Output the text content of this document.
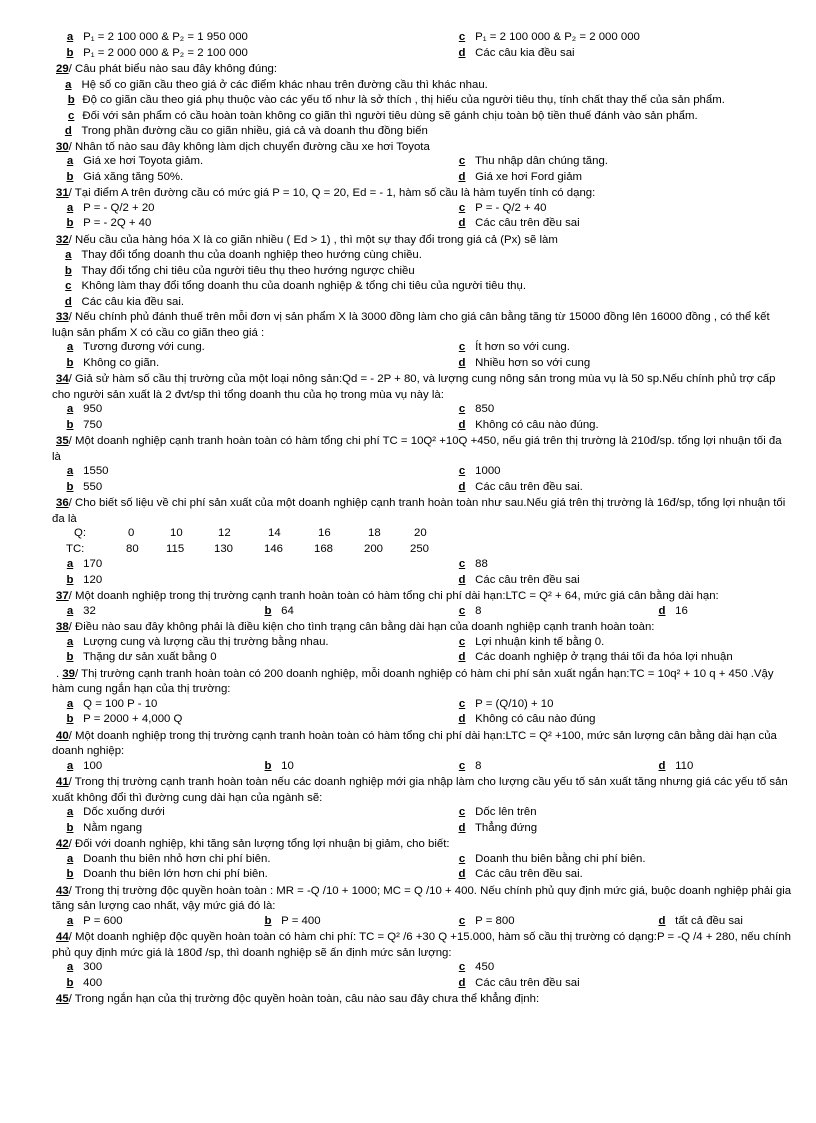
a P₁ = 2 100 000 & P₂ = 1 950 000	c P₁ = 2 100 000 & P₂ = 2 000 000
b P₁ = 2 000 000 & P₂ = 2 100 000	d Các câu kia đều sai

29/ Câu phát biểu nào sau đây không đúng:

a Hệ số co giãn cầu theo giá ở các điểm khác nhau trên đường cầu thì khác nhau.

b Độ co giãn cầu theo giá phụ thuộc vào các yếu tố như là sở thích , thị hiếu của người tiêu thụ, tính chất thay thế của sản phẩm.

c Đối với sản phẩm có cầu hoàn toàn không co giãn thì người tiêu dùng sẽ gánh chịu toàn bộ tiền thuế đánh vào sản phẩm.

d Trong phần đường cầu co giãn nhiều, giá cả và doanh thu đồng biến

30/ Nhân tố nào sau đây không làm dịch chuyển đường cầu xe hơi Toyota

a Giá xe hơi Toyota giảm.	c Thu nhập dân chúng tăng.
b Giá xăng tăng 50%.	d Giá xe hơi Ford giảm

31/ Tại điểm A trên đường cầu có mức giá P = 10, Q = 20, Ed = - 1, hàm số cầu là hàm tuyến tính có dạng:

a P = - Q/2 + 20	c P = - Q/2 + 40
b P = - 2Q + 40	d Các câu trên đều sai

32/ Nếu cầu của hàng hóa X là co giãn nhiều ( Ed > 1) , thì một sự thay đổi trong giá cả (Px) sẽ làm

a Thay đổi tổng doanh thu của doanh nghiệp theo hướng cùng chiều.

b Thay đổi tổng chi tiêu của người tiêu thụ theo hướng ngược chiều

c Không làm thay đổi tổng doanh thu của doanh nghiệp & tổng chi tiêu của người tiêu thụ.

d Các câu kia đều sai.

33/ Nếu chính phủ đánh thuế trên mỗi đơn vị sản phẩm X là 3000 đồng làm cho giá cân bằng tăng từ 15000 đồng lên 16000 đồng , có thể kết luận sản phẩm X có cầu co giãn theo giá :

a Tương đương với cung.	c Ít hơn so với cung.
b Không co giãn.	d Nhiều hơn so với cung

34/ Giả sử hàm số cầu thị trường của một loại nông sản:Qd = - 2P + 80, và lượng cung nông sản trong mùa vụ là 50 sp.Nếu chính phủ trợ cấp cho người sản xuất là 2 đvt/sp thì tổng doanh thu của họ trong mùa vụ này là:

a 950	c 850
b 750	d Không có câu nào đúng.

35/ Một doanh nghiệp cạnh tranh hoàn toàn có hàm tổng chi phí TC = 10Q² +10Q +450, nếu giá trên thị trường là 210đ/sp. tổng lợi nhuận tối đa là

a 1550	c 1000
b 550	d Các câu trên đều sai.

36/ Cho biết số liệu về chi phí sản xuất của một doanh nghiệp cạnh tranh hoàn toàn như sau.Nếu giá trên thị trường là 16đ/sp, tổng lợi nhuận tối đa là

Q:	0	10	12	14	16	18	20
TC:	80 115	130	146	168	200 250
a 170	c 88
b 120	d Các câu trên đều sai

37/ Một doanh nghiệp trong thị trường cạnh tranh hoàn toàn có hàm tổng chi phí dài hạn:LTC = Q² + 64, mức giá cân bằng dài hạn:

a 32	b 64	c 8	d 16

38/ Điều nào sau đây không phải là điều kiện cho tình trạng cân bằng dài hạn của doanh nghiệp cạnh tranh hoàn toàn:

a Lượng cung và lượng cầu thị trường bằng nhau.	c Lợi nhuận kinh tế bằng 0.
b Thặng dư sản xuất bằng 0	d Các doanh nghiệp ở trạng thái tối đa hóa lợi nhuận

. 39/ Thị trường cạnh tranh hoàn toàn có 200 doanh nghiệp, mỗi doanh nghiệp có hàm chi phí sản xuất ngắn hạn:TC = 10q² + 10 q + 450 .Vậy hàm cung ngắn hạn của thị trường:

a Q = 100 P - 10	c P = (Q/10) + 10
b P = 2000 + 4,000 Q	d Không có câu nào đúng

40/ Một doanh nghiệp trong thị trường cạnh tranh hoàn toàn có hàm tổng chi phí dài hạn:LTC = Q² +100, mức sản lượng cân bằng dài hạn của doanh nghiệp:

a 100	b 10	c 8	d 110

41/ Trong thị trường cạnh tranh hoàn toàn nếu các doanh nghiệp mới gia nhập làm cho lượng cầu yếu tố sản xuất tăng nhưng giá các yếu tố sản xuất không đổi thì đường cung dài hạn của ngành sẽ:

a Dốc xuống dưới	c Dốc lên trên
b Nằm ngang	d Thẳng đứng

42/ Đối với doanh nghiệp, khi tăng sản lượng tổng lợi nhuận bị giảm, cho biết:

a Doanh thu biên nhỏ hơn chi phí biên.	c Doanh thu biên bằng chi phí biên.
b Doanh thu biên lớn hơn chi phí biên.	d Các câu trên đều sai.

43/ Trong thị trường độc quyền hoàn toàn : MR = -Q /10 + 1000; MC = Q /10 + 400. Nếu chính phủ quy định mức giá, buộc doanh nghiệp phải gia tăng sản lượng cao nhất, vậy mức giá đó là:

a P = 600	b P = 400	c P = 800	d tất cả đều sai

44/ Một doanh nghiệp độc quyền hoàn toàn có hàm chi phí: TC = Q² /6 +30 Q +15.000, hàm số cầu thị trường có dạng:P = -Q /4 + 280, nếu chính phủ quy định mức giá là 180đ /sp, thì doanh nghiệp sẽ ấn định mức sản lượng:

a 300	c 450
b 400	d Các câu trên đều sai

45/ Trong ngắn hạn của thị trường độc quyền hoàn toàn, câu nào sau đây chưa thể khẳng định:
